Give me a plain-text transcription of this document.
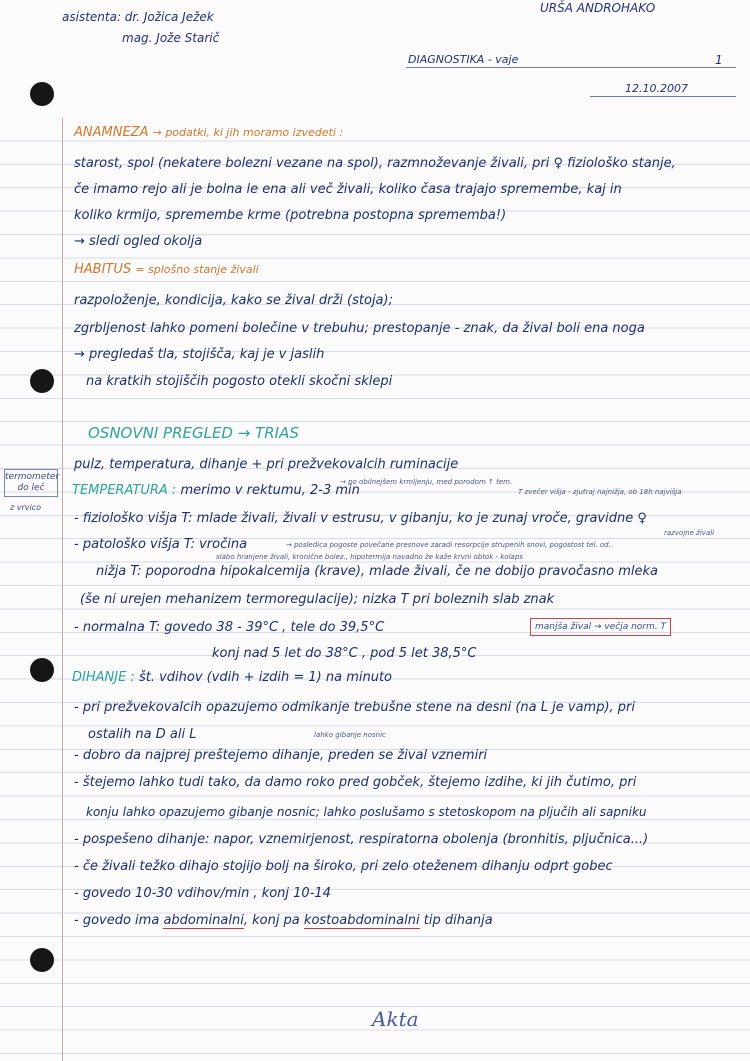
asistenta: dr. Jožica Ježek
mag. Jože Starič
URŠA ANDROHAKO
DIAGNOSTIKA - vaje	1
12.10.2007
termometer
do leč
z vrvico
ANAMNEZA → podatki, ki jih moramo izvedeti :
starost, spol (nekatere bolezni vezane na spol), razmnoževanje živali, pri ♀ fiziološko stanje,
če imamo rejo ali je bolna le ena ali več živali, koliko časa trajajo spremembe, kaj in
koliko krmijo, spremembe krme (potrebna postopna sprememba!)
→ sledi ogled okolja
HABITUS = splošno stanje živali
razpoloženje, kondicija, kako se žival drži (stoja);
zgrbljenost lahko pomeni bolečine v trebuhu; prestopanje - znak, da žival boli ena noga
→ pregledaš tla, stojišča, kaj je v jaslih
na kratkih stojiščih pogosto otekli skočni sklepi
OSNOVNI PREGLED → TRIAS
pulz, temperatura, dihanje + pri prežvekovalcih ruminacije
→ po obilnejšem krmljenju, med porodom ↑ tem.
T zvečer višja - zjutraj najnižja, ob 18h najvišja
TEMPERATURA : merimo v rektumu, 2-3 min
- fiziološko višja T: mlade živali, živali v estrusu, v gibanju, ko je zunaj vroče, gravidne ♀
razvojne živali
- patološko višja T: vročina	→ posledica pogoste povečane presnove zaradi resorpcije strupenih snovi, pogostost tel. od.
slabo hranjene živali, kronične bolez., hipotermija navadno že kaže krvni obtok - kolaps
nižja T: poporodna hipokalcemija (krave), mlade živali, če ne dobijo pravočasno mleka
(še ni urejen mehanizem termoregulacije); nizka T pri boleznih slab znak
- normalna T: govedo 38 - 39°C , tele do 39,5°C	manjša žival → večja norm. T
konj nad 5 let do 38°C , pod 5 let 38,5°C
DIHANJE : št. vdihov (vdih + izdih = 1) na minuto
- pri prežvekovalcih opazujemo odmikanje trebušne stene na desni (na L je vamp), pri
ostalih na D ali L	lahko gibanje nosnic
- dobro da najprej preštejemo dihanje, preden se žival vznemiri
- štejemo lahko tudi tako, da damo roko pred gobček, štejemo izdihe, ki jih čutimo, pri
konju lahko opazujemo gibanje nosnic; lahko poslušamo s stetoskopom na pljučih ali sapniku
- pospešeno dihanje: napor, vznemirjenost, respiratorna obolenja (bronhitis, pljučnica...)
- če živali težko dihajo stojijo bolj na široko, pri zelo oteženem dihanju odprt gobec
- govedo 10-30 vdihov/min , konj 10-14
- govedo ima abdominalni, konj pa kostoabdominalni tip dihanja
Akta
